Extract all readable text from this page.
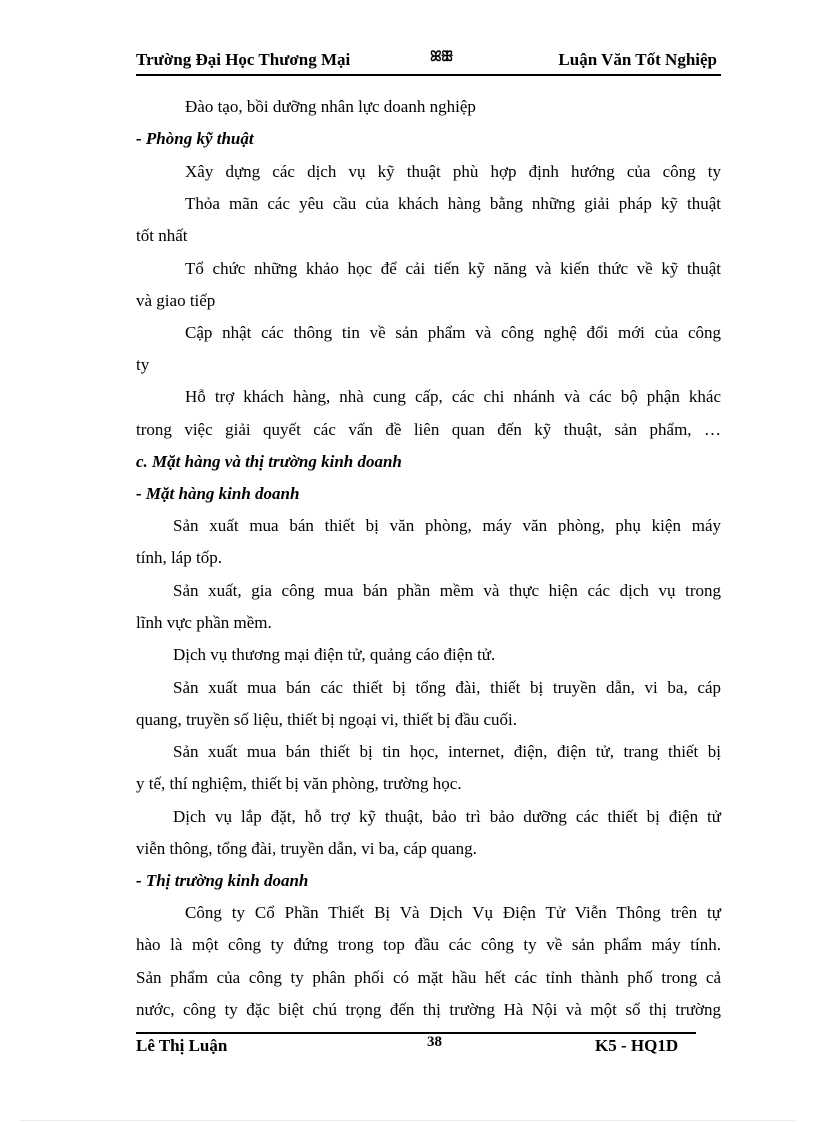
Trường Đại Học Thương Mại	ꕤꕥ	Luận Văn Tốt Nghiệp
Đào tạo, bồi dưỡng nhân lực doanh nghiệp
- Phòng kỹ thuật
Xây dựng các dịch vụ kỹ thuật phù hợp định hướng của công ty
Thỏa mãn các yêu cầu của khách hàng bằng những giải pháp kỹ thuật
tốt nhất
Tổ chức những khảo học để cải tiến kỹ năng và kiến thức về kỹ thuật
và giao tiếp
Cập nhật các thông tin về sản phẩm và công nghệ đổi mới của công
ty
Hỗ trợ khách hàng, nhà cung cấp, các chi nhánh và các bộ phận khác
trong việc giải quyết các vấn đề liên quan đến kỹ thuật, sản phẩm, …
c. Mặt hàng và thị trường kinh doanh
- Mặt hàng kinh doanh
Sản xuất mua bán thiết bị văn phòng, máy văn phòng, phụ kiện máy
tính, láp tốp.
Sản xuất, gia công mua bán phần mềm và thực hiện các dịch vụ trong
lĩnh vực phần mềm.
Dịch vụ thương mại điện tử, quảng cáo điện tử.
Sản xuất mua bán các thiết bị tổng đài, thiết bị truyền dẫn, vi ba, cáp
quang, truyền số liệu, thiết bị ngoại vi, thiết bị đầu cuối.
Sản xuất mua bán thiết bị tin học, internet, điện, điện tử, trang thiết bị
y tế, thí nghiệm, thiết bị văn phòng, trường học.
Dịch vụ lắp đặt, hỗ trợ kỹ thuật, bảo trì bảo dưỡng các thiết bị điện tử
viễn thông, tổng đài, truyền dẫn, vi ba, cáp quang.
- Thị trường kinh doanh
Công ty Cổ Phần Thiết Bị Và Dịch Vụ Điện Tử Viễn Thông trên tự
hào là một công ty đứng trong top đầu các công ty về sản phẩm máy tính.
Sản phẩm của công ty phân phối có mặt hầu hết các tỉnh thành phố trong cả
nước, công ty đặc biệt chú trọng đến thị trường Hà Nội và một số thị trường
Lê Thị Luận	38	K5 - HQ1D
